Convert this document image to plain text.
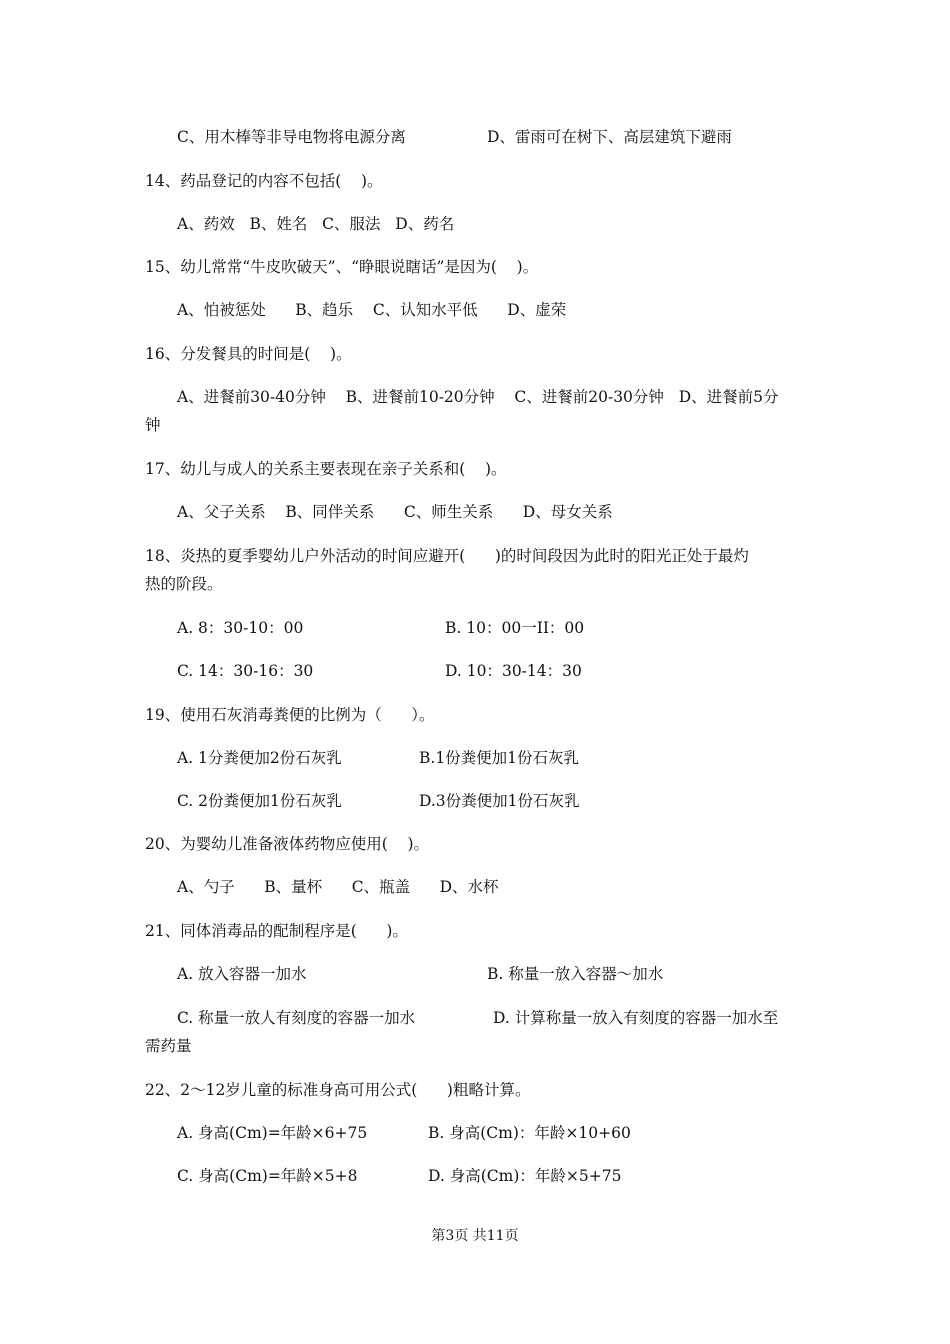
C、用木棒等非导电物将电源分离	D、雷雨可在树下、高层建筑下避雨
14、药品登记的内容不包括(    )。
A、药效   B、姓名   C、服法   D、药名
15、幼儿常常“牛皮吹破天”、“睁眼说瞎话”是因为(    )。
A、怕被惩处      B、趋乐    C、认知水平低      D、虚荣
16、分发餐具的时间是(    )。
A、进餐前30-40分钟    B、进餐前10-20分钟    C、进餐前20-30分钟   D、进餐前5分
钟
17、幼儿与成人的关系主要表现在亲子关系和(    )。
A、父子关系    B、同伴关系      C、师生关系      D、母女关系
18、炎热的夏季婴幼儿户外活动的时间应避开(      )的时间段因为此时的阳光正处于最灼
热的阶段。
A. 8：30-10：00	B. 10：00一II：00
C. 14：30-16：30	D. 10：30-14：30
19、使用石灰消毒粪便的比例为（      ）。
A. 1分粪便加2份石灰乳	B.1份粪便加1份石灰乳
C. 2份粪便加1份石灰乳	D.3份粪便加1份石灰乳
20、为婴幼儿准备液体药物应使用(    )。
A、勺子      B、量杯      C、瓶盖      D、水杯
21、同体消毒品的配制程序是(      )。
A. 放入容器一加水	B. 称量一放入容器～加水
C. 称量一放人有刻度的容器一加水	D. 计算称量一放入有刻度的容器一加水至
需药量
22、2～12岁儿童的标准身高可用公式(      )粗略计算。
A. 身高(Cm)=年龄×6+75	B. 身高(Cm)：年龄×10+60
C. 身高(Cm)=年龄×5+8	D. 身高(Cm)：年龄×5+75
第3页 共11页
